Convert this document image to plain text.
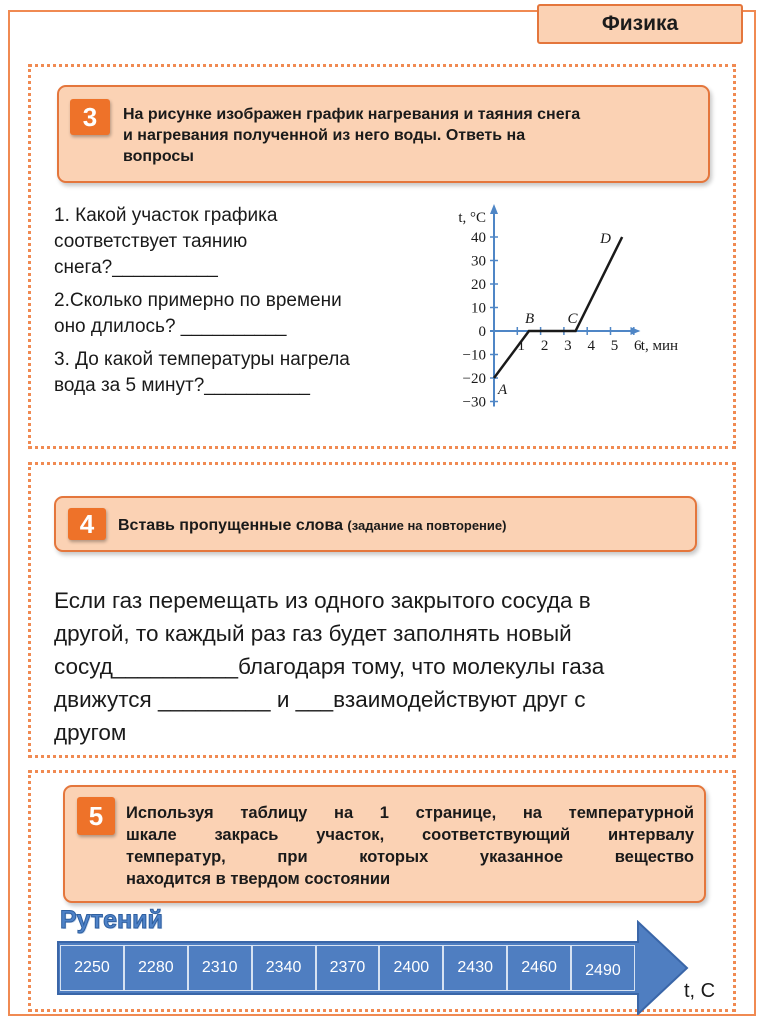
Физика
3	На рисунке изображен график нагревания и таяния снега
и нагревания полученной из него воды. Ответь на
вопросы
1. Какой участок графика
соответствует таянию
снега?__________
2.Сколько примерно по времени
оно длилось? __________
3. До какой температуры нагрела
вода за 5 минут?__________
40
30
20
10
0
−10
−20
−30
1 2 3 4 5 6
t, °C
t, мин
A
B C
D
4	Вставь пропущенные слова (задание на повторение)
Если газ перемещать из одного закрытого сосуда в
другой, то каждый раз газ будет заполнять новый
сосуд__________благодаря тому, что молекулы газа
движутся _________ и ___взаимодействуют друг с
другом
5	Используя таблицу на 1 странице, на температурной
шкале закрась участок, соответствующий интервалу
температур, при которых указанное вещество
находится в твердом состоянии
Рутений
2250	2280	2310	2340	2370	2400	2430	2460	2490
t, C
